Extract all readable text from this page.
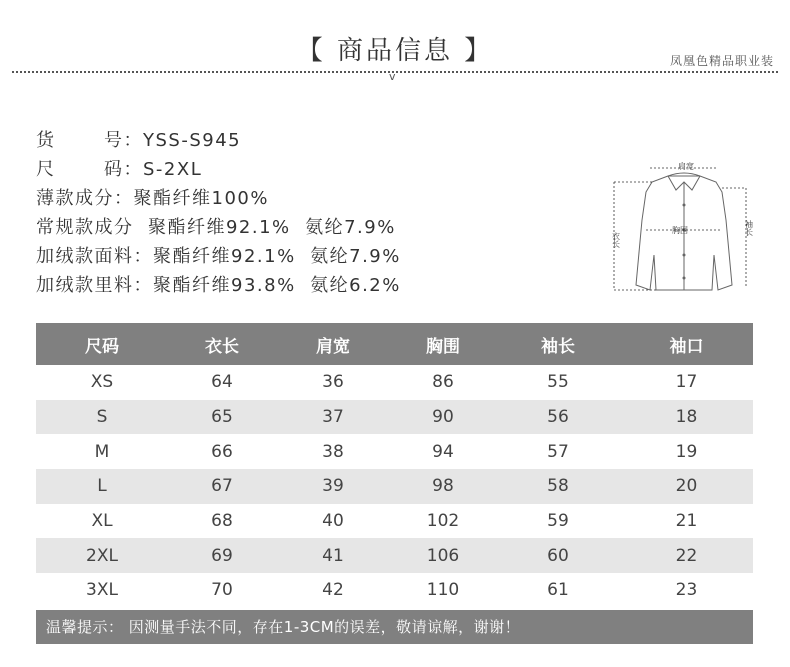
【 商品信息 】	凤凰色精品职业装
v
货	号：YSS-S945
尺	码：S-2XL
薄款成分：聚酯纤维100%
常规款成分  聚酯纤维92.1%  氨纶7.9%
加绒款面料：聚酯纤维92.1%  氨纶7.9%
加绒款里料：聚酯纤维93.8%  氨纶6.2%
肩宽
胸围	袖长
衣长
尺码	衣长	肩宽	胸围	袖长	袖口
XS	64	36	86	55	17
S	65	37	90	56	18
M	66	38	94	57	19
L	67	39	98	58	20
XL	68	40	102	59	21
2XL	69	41	106	60	22
3XL	70	42	110	61	23
温馨提示： 因测量手法不同，存在1-3CM的误差，敬请谅解，谢谢！
